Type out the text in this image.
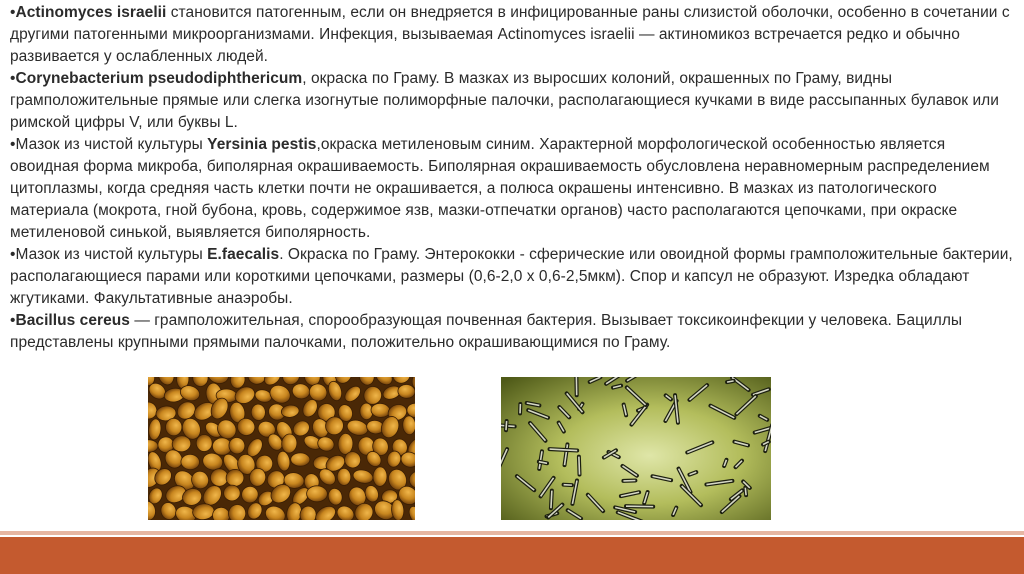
•Actinomyces israelii становится патогенным, если он внедряется в инфицированные раны слизистой оболочки, особенно в сочетании с другими патогенными микроорганизмами. Инфекция, вызываемая Actinomyces israelii — актиномикоз встречается редко и обычно развивается у ослабленных людей.

•Corynebacterium pseudodiphthericum, окраска по Граму. В мазках из выросших колоний, окрашенных по Граму, видны грамположительные прямые или слегка изогнутые полиморфные палочки, располагающиеся кучками в виде рассыпанных булавок или римской цифры V, или буквы L.

•Мазок из чистой культуры Yersinia pestis,окраска метиленовым синим. Характерной морфологической особенностью является овоидная форма микроба, биполярная окрашиваемость. Биполярная окрашиваемость обусловлена неравномерным распределением цитоплазмы, когда средняя часть клетки почти не окрашивается, а полюса окрашены интенсивно. В мазках из патологического материала (мокрота, гной бубона, кровь, содержимое язв, мазки-отпечатки органов) часто располагаются цепочками, при окраске метиленовой синькой, выявляется биполярность.

•Мазок из чистой культуры E.faecalis. Окраска по Граму. Энтерококки - сферические или овоидной формы грамположительные бактерии, располагающиеся парами или короткими цепочками, размеры (0,6-2,0 х 0,6-2,5мкм). Спор и капсул не образуют. Изредка обладают жгутиками. Факультативные анаэробы.

•Bacillus cereus — грамположительная, спорообразующая почвенная бактерия. Вызывает токсикоинфекции у человека. Бациллы представлены крупными прямыми палочками, положительно окрашивающимися по Граму.
